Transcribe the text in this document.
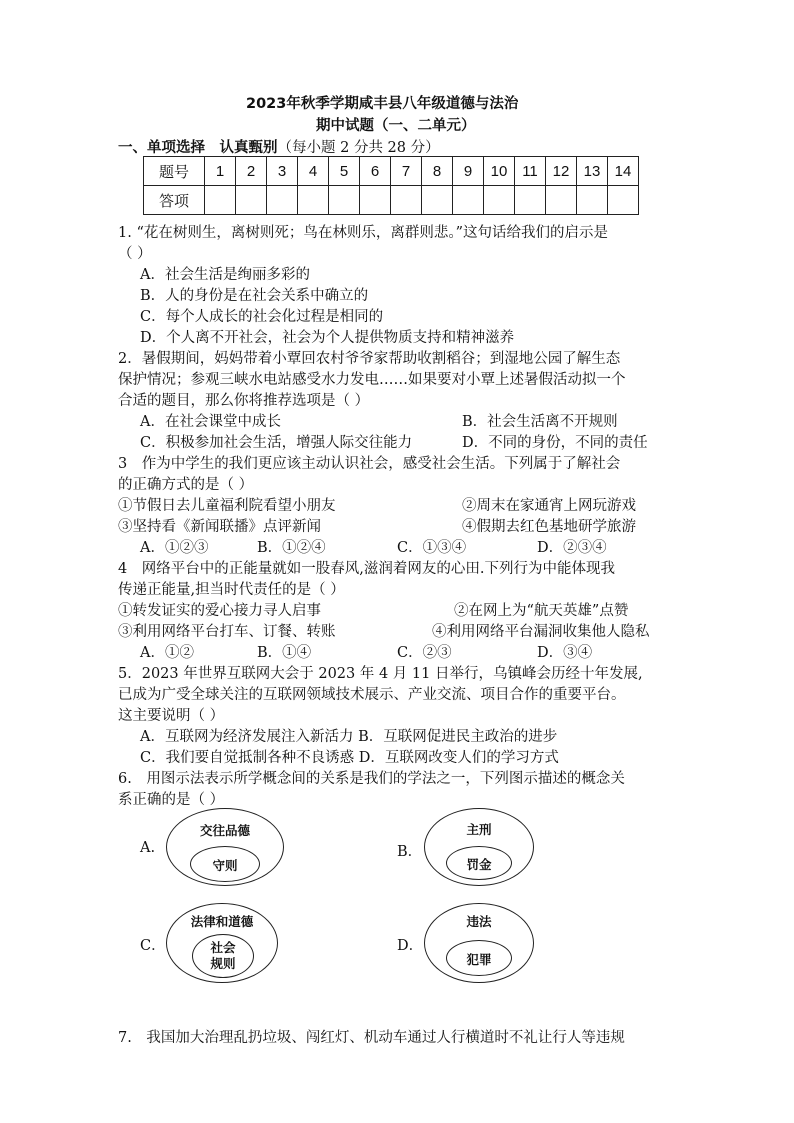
2023年秋季学期咸丰县八年级道德与法治
期中试题（一、二单元）
一、单项选择　认真甄别（每小题 2 分共 28 分）
题号	1	2	3	4	5	6	7	8	9	10	11	12	13	14
答项														
1. “花在树则生，离树则死；鸟在林则乐，离群则悲。”这句话给我们的启示是
（ ）
A．社会生活是绚丽多彩的
B．人的身份是在社会关系中确立的
C．每个人成长的社会化过程是相同的
D．个人离不开社会，社会为个人提供物质支持和精神滋养
2．暑假期间，妈妈带着小覃回农村爷爷家帮助收割稻谷；到湿地公园了解生态
保护情况；参观三峡水电站感受水力发电……如果要对小覃上述暑假活动拟一个
合适的题目，那么你将推荐选项是（ ）
A．在社会课堂中成长	B．社会生活离不开规则
C．积极参加社会生活，增强人际交往能力	D．不同的身份，不同的责任
3　作为中学生的我们更应该主动认识社会，感受社会生活。下列属于了解社会
的正确方式的是（ ）
①节假日去儿童福利院看望小朋友	②周末在家通宵上网玩游戏
③坚持看《新闻联播》点评新闻	④假期去红色基地研学旅游
A．①②③	B．①②④	C．①③④	D．②③④
4　网络平台中的正能量就如一股春风,滋润着网友的心田.下列行为中能体现我
传递正能量,担当时代责任的是（ ）
①转发证实的爱心接力寻人启事	②在网上为“航天英雄”点赞
③利用网络平台打车、订餐、转账	④利用网络平台漏洞收集他人隐私
A．①②	B．①④	C．②③	D．③④
5．2023 年世界互联网大会于 2023 年 4 月 11 日举行，乌镇峰会历经十年发展,
已成为广受全球关注的互联网领域技术展示、产业交流、项目合作的重要平台。
这主要说明（ ）
A．互联网为经济发展注入新活力 B．互联网促进民主政治的进步
C．我们要自觉抵制各种不良诱惑 D．互联网改变人们的学习方式
6.　用图示法表示所学概念间的关系是我们的学法之一，下列图示描述的概念关
系正确的是（ ）
A.
交往品德
守则
B．
主刑
罚金
C．
法律和道德
社会
规则
D．
违法
犯罪
7.　我国加大治理乱扔垃圾、闯红灯、机动车通过人行横道时不礼让行人等违规
